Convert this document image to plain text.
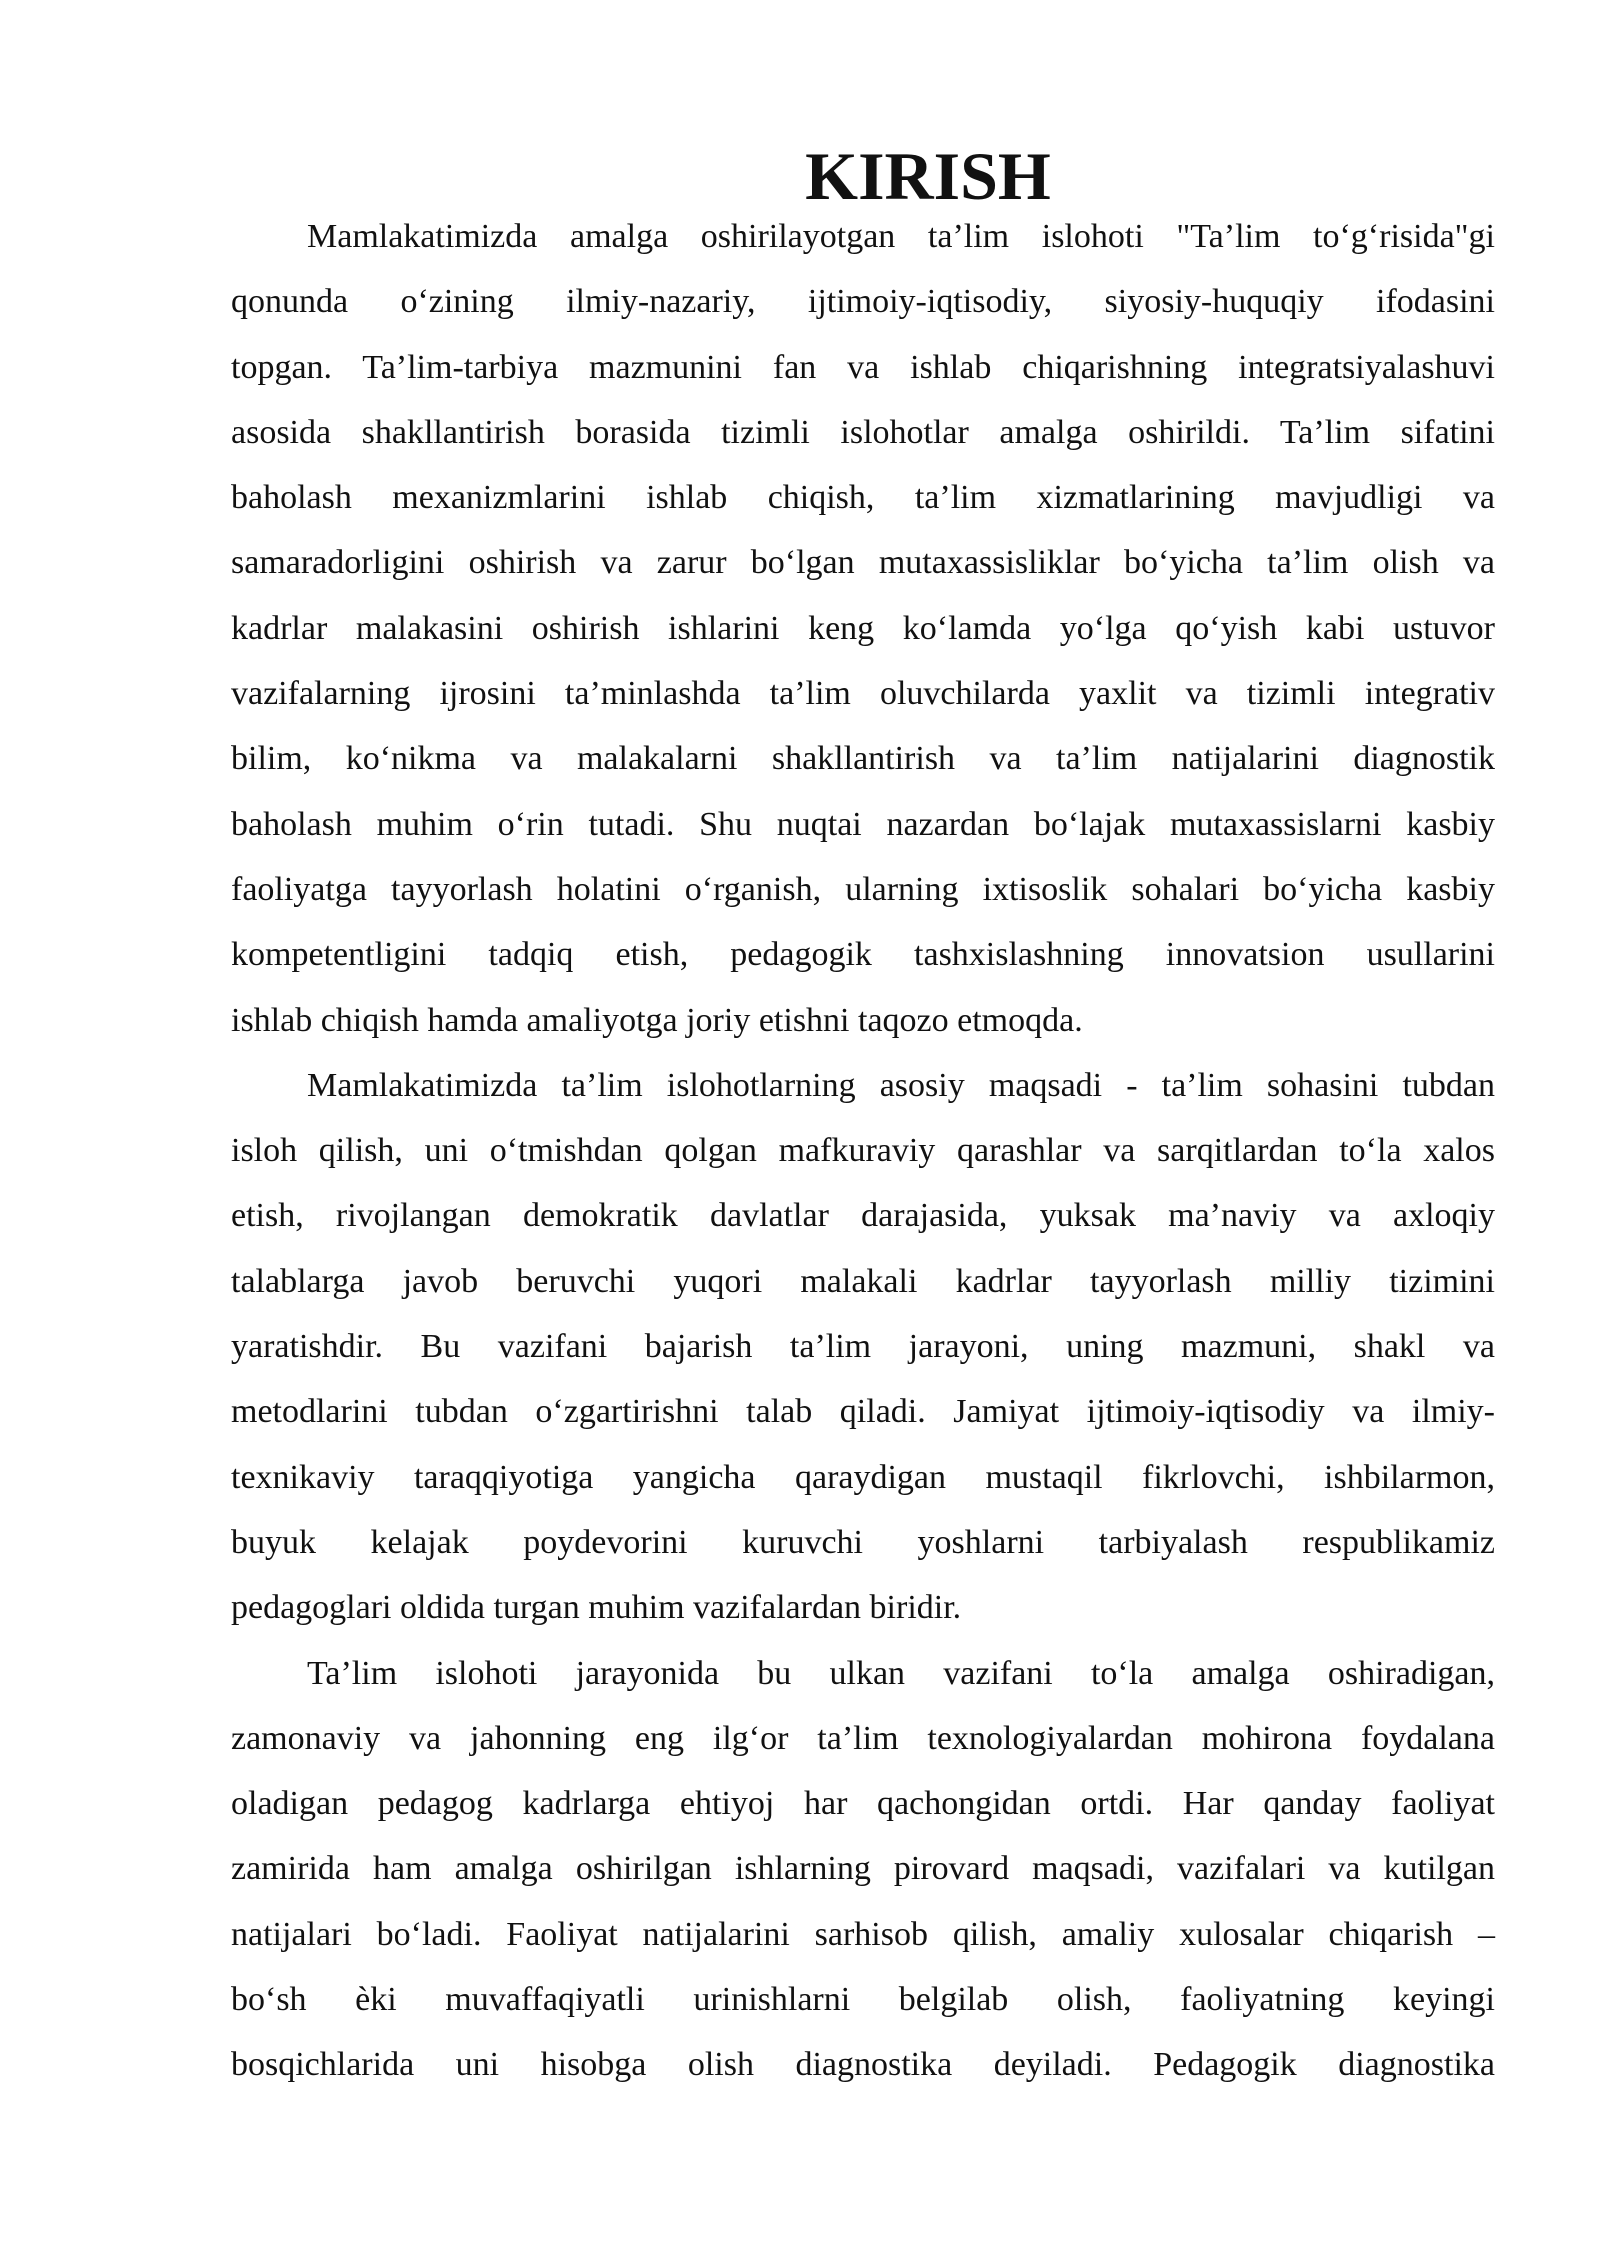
KIRISH
Mamlakatimizda amalga oshirilayotgan ta’lim islohoti "Ta’lim to‘g‘risida"gi
qonunda o‘zining ilmiy-nazariy, ijtimoiy-iqtisodiy, siyosiy-huquqiy ifodasini
topgan. Ta’lim-tarbiya mazmunini fan va ishlab chiqarishning integratsiyalashuvi
asosida shakllantirish borasida tizimli islohotlar amalga oshirildi. Ta’lim sifatini
baholash mexanizmlarini ishlab chiqish, ta’lim xizmatlarining mavjudligi va
samaradorligini oshirish va zarur bo‘lgan mutaxassisliklar bo‘yicha ta’lim olish va
kadrlar malakasini oshirish ishlarini keng ko‘lamda yo‘lga qo‘yish kabi ustuvor
vazifalarning ijrosini ta’minlashda ta’lim oluvchilarda yaxlit va tizimli integrativ
bilim, ko‘nikma va malakalarni shakllantirish va ta’lim natijalarini diagnostik
baholash muhim o‘rin tutadi. Shu nuqtai nazardan bo‘lajak mutaxassislarni kasbiy
faoliyatga tayyorlash holatini o‘rganish, ularning ixtisoslik sohalari bo‘yicha kasbiy
kompetentligini tadqiq etish, pedagogik tashxislashning innovatsion usullarini
ishlab chiqish hamda amaliyotga joriy etishni taqozo etmoqda.
Mamlakatimizda ta’lim islohotlarning asosiy maqsadi - ta’lim sohasini tubdan
isloh qilish, uni o‘tmishdan qolgan mafkuraviy qarashlar va sarqitlardan to‘la xalos
etish, rivojlangan demokratik davlatlar darajasida, yuksak ma’naviy va axloqiy
talablarga javob beruvchi yuqori malakali kadrlar tayyorlash milliy tizimini
yaratishdir. Bu vazifani bajarish ta’lim jarayoni, uning mazmuni, shakl va
metodlarini tubdan o‘zgartirishni talab qiladi. Jamiyat ijtimoiy-iqtisodiy va ilmiy-
texnikaviy taraqqiyotiga yangicha qaraydigan mustaqil fikrlovchi, ishbilarmon,
buyuk kelajak poydevorini kuruvchi yoshlarni tarbiyalash respublikamiz
pedagoglari oldida turgan muhim vazifalardan biridir.
Ta’lim islohoti jarayonida bu ulkan vazifani to‘la amalga oshiradigan,
zamonaviy va jahonning eng ilg‘or ta’lim texnologiyalardan mohirona foydalana
oladigan pedagog kadrlarga ehtiyoj har qachongidan ortdi. Har qanday faoliyat
zamirida ham amalga oshirilgan ishlarning pirovard maqsadi, vazifalari va kutilgan
natijalari bo‘ladi. Faoliyat natijalarini sarhisob qilish, amaliy xulosalar chiqarish –
bo‘sh èki muvaffaqiyatli urinishlarni belgilab olish, faoliyatning keyingi
bosqichlarida uni hisobga olish diagnostika deyiladi. Pedagogik diagnostika
